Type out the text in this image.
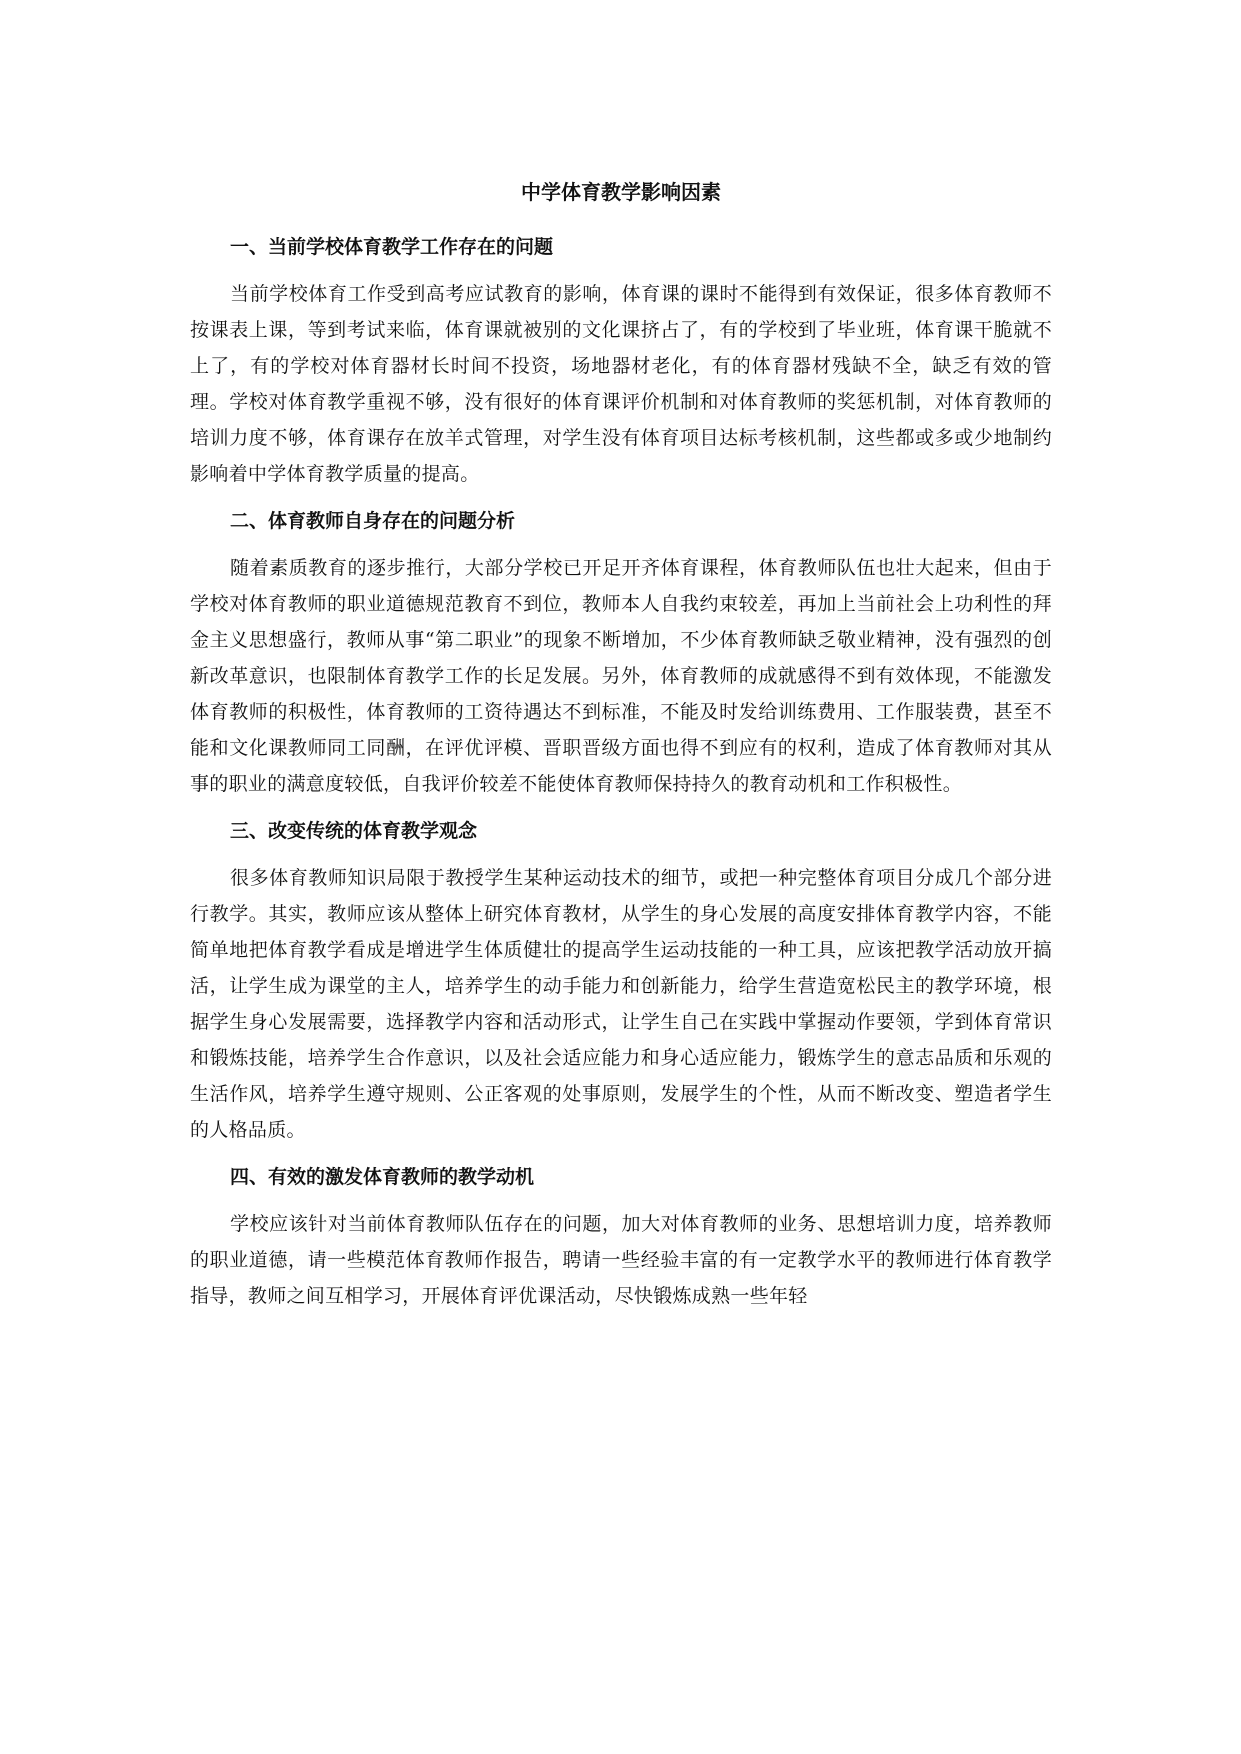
中学体育教学影响因素
一、当前学校体育教学工作存在的问题

当前学校体育工作受到高考应试教育的影响，体育课的课时不能得到有效保证，很多体育教师不按课表上课，等到考试来临，体育课就被别的文化课挤占了，有的学校到了毕业班，体育课干脆就不上了，有的学校对体育器材长时间不投资，场地器材老化，有的体育器材残缺不全，缺乏有效的管理。学校对体育教学重视不够，没有很好的体育课评价机制和对体育教师的奖惩机制，对体育教师的培训力度不够，体育课存在放羊式管理，对学生没有体育项目达标考核机制，这些都或多或少地制约影响着中学体育教学质量的提高。

二、体育教师自身存在的问题分析

随着素质教育的逐步推行，大部分学校已开足开齐体育课程，体育教师队伍也壮大起来，但由于学校对体育教师的职业道德规范教育不到位，教师本人自我约束较差，再加上当前社会上功利性的拜金主义思想盛行，教师从事“第二职业”的现象不断增加，不少体育教师缺乏敬业精神，没有强烈的创新改革意识，也限制体育教学工作的长足发展。另外，体育教师的成就感得不到有效体现，不能激发体育教师的积极性，体育教师的工资待遇达不到标准，不能及时发给训练费用、工作服装费，甚至不能和文化课教师同工同酬，在评优评模、晋职晋级方面也得不到应有的权利，造成了体育教师对其从事的职业的满意度较低，自我评价较差不能使体育教师保持持久的教育动机和工作积极性。

三、改变传统的体育教学观念

很多体育教师知识局限于教授学生某种运动技术的细节，或把一种完整体育项目分成几个部分进行教学。其实，教师应该从整体上研究体育教材，从学生的身心发展的高度安排体育教学内容，不能简单地把体育教学看成是增进学生体质健壮的提高学生运动技能的一种工具，应该把教学活动放开搞活，让学生成为课堂的主人，培养学生的动手能力和创新能力，给学生营造宽松民主的教学环境，根据学生身心发展需要，选择教学内容和活动形式，让学生自己在实践中掌握动作要领，学到体育常识和锻炼技能，培养学生合作意识，以及社会适应能力和身心适应能力，锻炼学生的意志品质和乐观的生活作风，培养学生遵守规则、公正客观的处事原则，发展学生的个性，从而不断改变、塑造者学生的人格品质。

四、有效的激发体育教师的教学动机

学校应该针对当前体育教师队伍存在的问题，加大对体育教师的业务、思想培训力度，培养教师的职业道德，请一些模范体育教师作报告，聘请一些经验丰富的有一定教学水平的教师进行体育教学指导，教师之间互相学习，开展体育评优课活动，尽快锻炼成熟一些年轻
